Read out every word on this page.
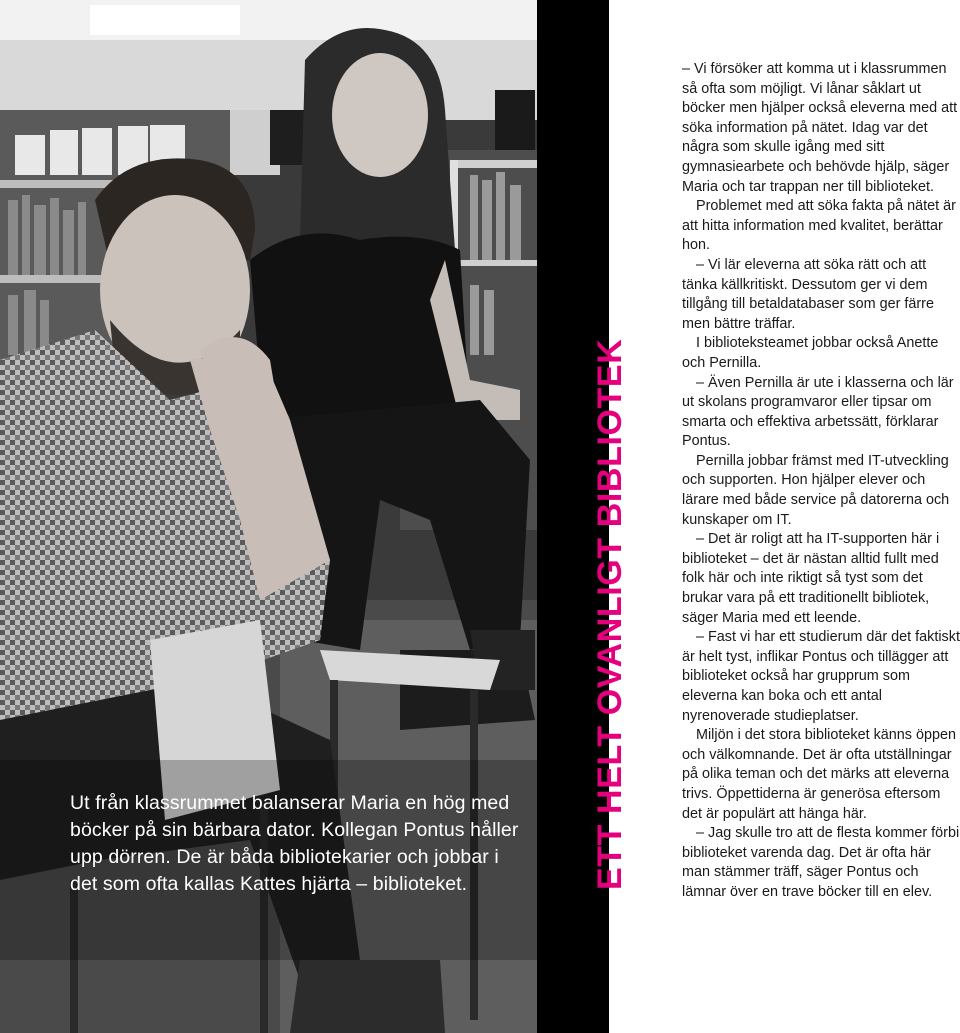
Ut från klassrummet balanserar Maria en hög med böcker på sin bärbara dator. Kollegan Pontus håller upp dörren. De är båda bibliotekarier och jobbar i det som ofta kallas Kattes hjärta – biblioteket.	ETT HELT OVANLIGT BIBLIOTEK

– Vi försöker att komma ut i klassrummen så ofta som möjligt. Vi lånar såklart ut böcker men hjälper också eleverna med att söka information på nätet. Idag var det några som skulle igång med sitt gymnasiearbete och behövde hjälp, säger Maria och tar trappan ner till biblioteket.

Problemet med att söka fakta på nätet är att hitta information med kvalitet, berättar hon.

– Vi lär eleverna att söka rätt och att tänka källkritiskt. Dessutom ger vi dem tillgång till betaldatabaser som ger färre men bättre träffar.

I biblioteksteamet jobbar också Anette och Pernilla.

– Även Pernilla är ute i klasserna och lär ut skolans programvaror eller tipsar om smarta och effektiva arbetssätt, förklarar Pontus.

Pernilla jobbar främst med IT-utveckling och supporten. Hon hjälper elever och lärare med både service på datorerna och kunskaper om IT.

– Det är roligt att ha IT-supporten här i biblioteket – det är nästan alltid fullt med folk här och inte riktigt så tyst som det brukar vara på ett traditionellt bibliotek, säger Maria med ett leende.

– Fast vi har ett studierum där det faktiskt är helt tyst, inflikar Pontus och tillägger att biblioteket också har grupprum som eleverna kan boka och ett antal nyrenoverade studieplatser.

Miljön i det stora biblioteket känns öppen och välkomnande. Det är ofta utställningar på olika teman och det märks att eleverna trivs. Öppettiderna är generösa eftersom det är populärt att hänga här.

– Jag skulle tro att de flesta kommer förbi biblioteket varenda dag. Det är ofta här man stämmer träff, säger Pontus och lämnar över en trave böcker till en elev.
